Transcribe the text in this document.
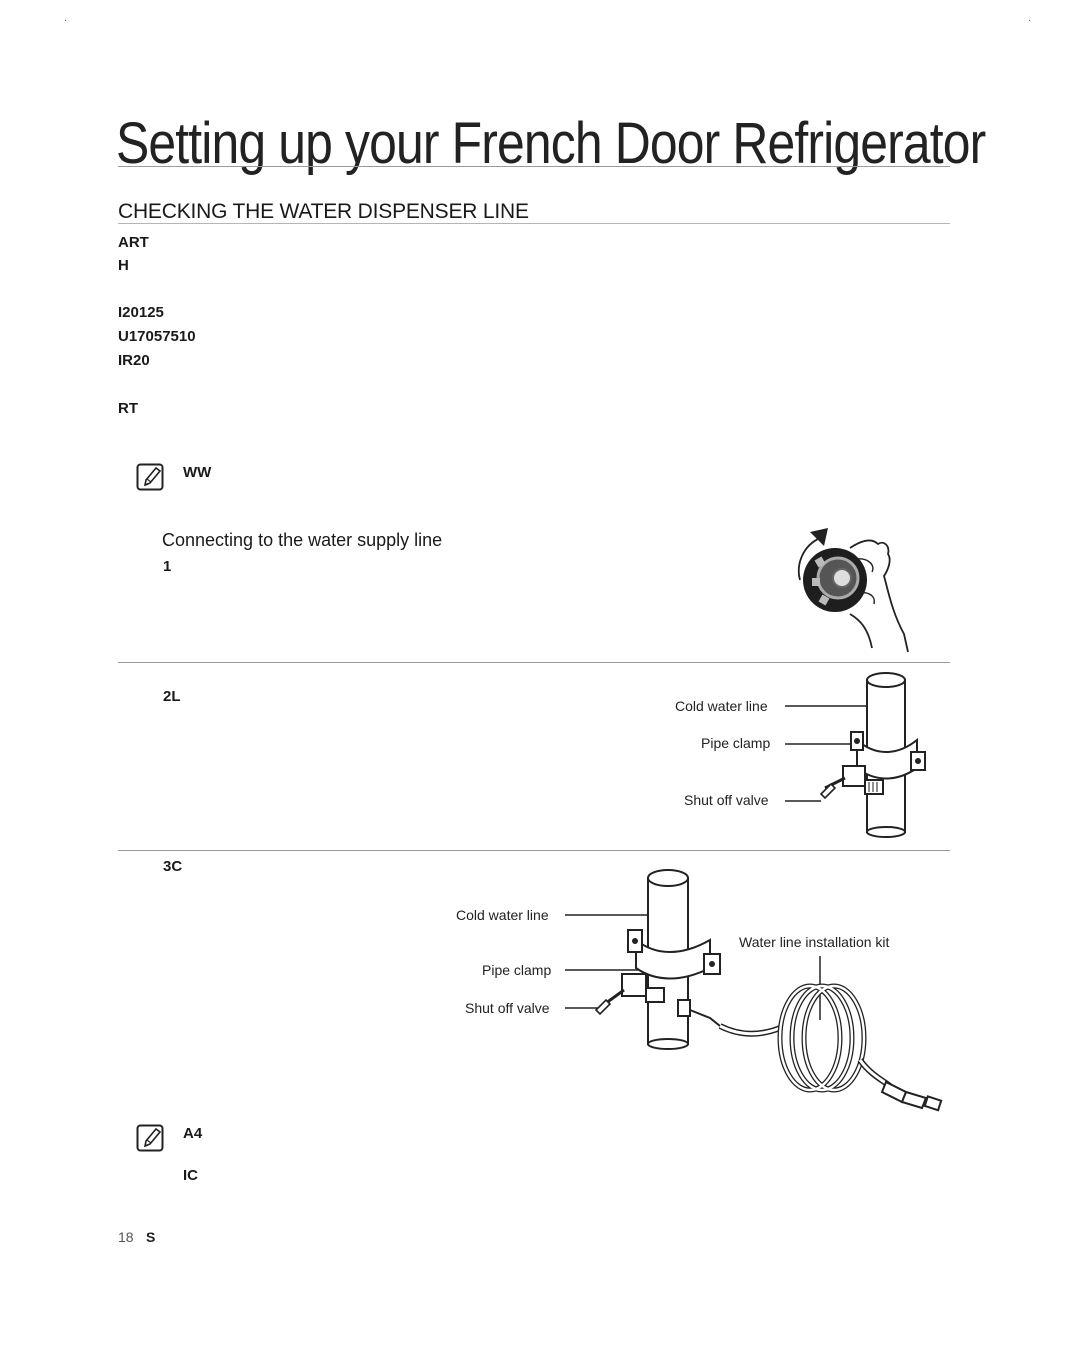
·	·
Setting up your French Door Refrigerator
CHECKING THE WATER DISPENSER LINE
ART
H
I20125
U17057510
IR20
RT
WW
Connecting to the water supply line
1
2L
Cold water line
Pipe clamp
Shut off valve
3C
Cold water line
Water line installation kit
Pipe clamp
Shut off valve
A4
IC
18 S
